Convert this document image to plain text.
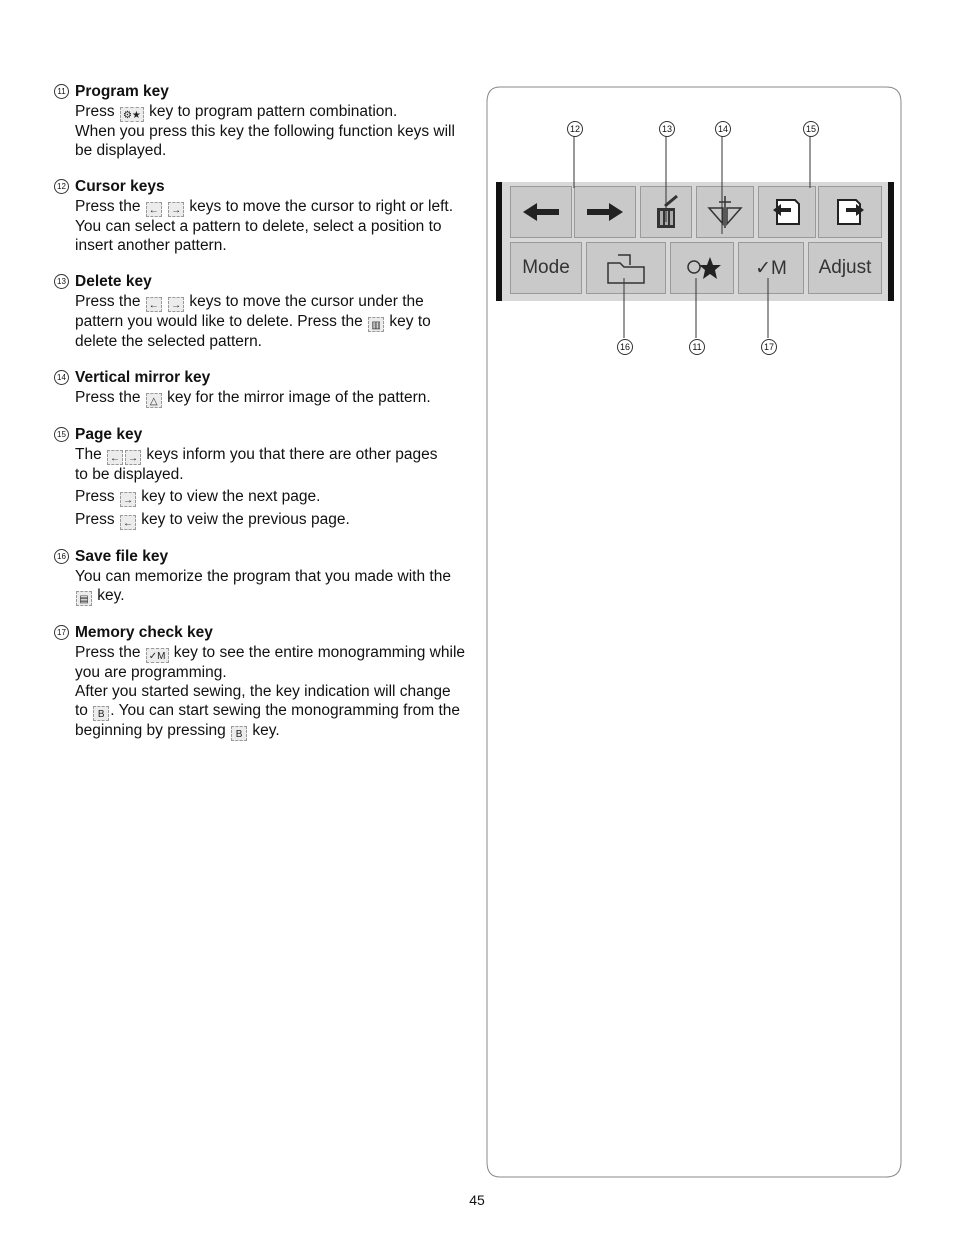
11 Program key

Press ⚙★ key to program pattern combination.

When you press this key the following function keys will

be displayed.

12 Cursor keys

Press the ← → keys to move the cursor to right or left.

You can select a pattern to delete, select a position to

insert another pattern.

13 Delete key

Press the ← → keys to move the cursor under the

pattern you would like to delete. Press the ▥ key to

delete the selected pattern.

14 Vertical mirror key

Press the △ key for the mirror image of the pattern.

15 Page key

The ← → keys inform you that there are other pages

to be displayed.

Press → key to view the next page.

Press ← key to veiw the previous page.

16 Save file key

You can memorize the program that you made with the

▤ key.

17 Memory check key

Press the ✓M key to see the entire monogramming while

you are programming.

After you started sewing, the key indication will change

to B . You can start sewing the monogramming from the

beginning by pressing B key.

Mode	✓M Adjust
12	13	14	15
16	11	17
45
